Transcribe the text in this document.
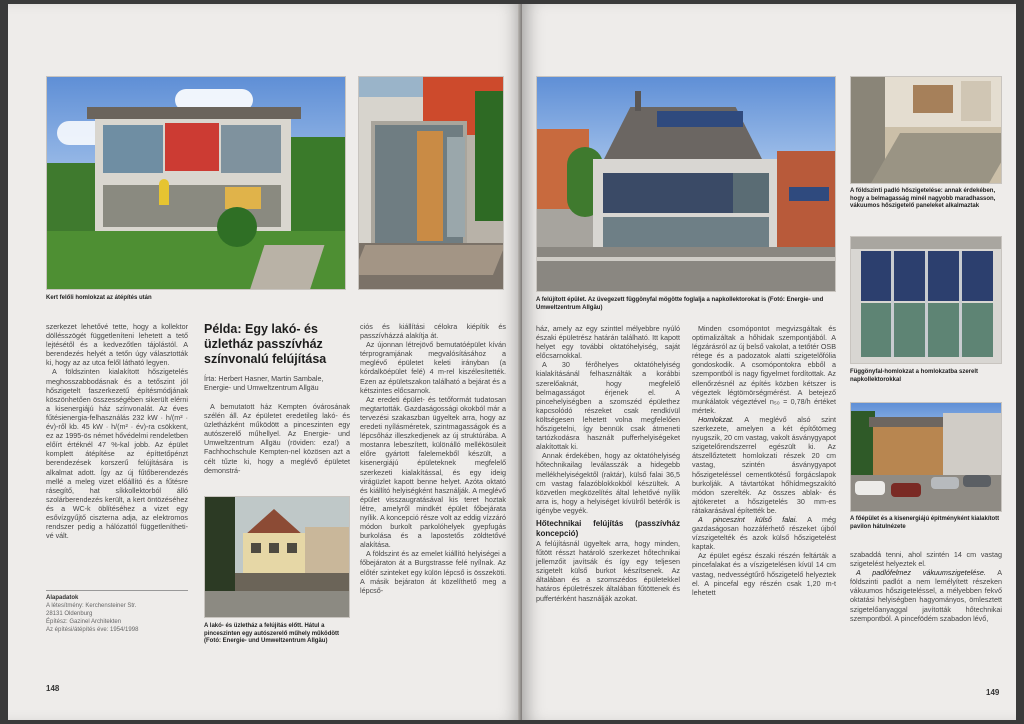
Kert felőli homlokzat az átépítés után

szerkezet lehetővé tette, hogy a kollektor döllésszögét függetleníteni lehetett a tető lejtésétől és a kedvezőtlen tájolástól. A berendezés helyét a tetőn úgy választották ki, hogy az az utca felől látható legyen.

A földszinten kialakított hőszigetelés meghosszabbodásnak és a tetőszint jól hőszigetelt faszerkezetű építésmódjának köszönhetően összességében sikerült elérni a kisenergiájú ház színvonalát. Az éves fűtésienergia-felhasználás 232 kW · h/(m² · év)-ről kb. 45 kW · h/(m² · év)-ra csökkent, ez az 1995-ös német hővédelmi rendeletben előírt értéknél 47 %-kal jobb. Az épület komplett átépítése az építtetőpénzt berendezések korszerű felújítására is alkalmat adott. Így az új fűtőberendezés mellé a meleg vizet előállító és a fűtésre rásegítő, hat síkkollektorból álló szolárberendezés került, a kert öntözéséhez és a WC-k öblítéséhez a vizet egy esővízgyűjtő ciszterna adja, az elektromos rendszer pedig a hálózattól függetlenítheti-vé vált.

Alapadatok
A létesítmény: Kerchensteiner Str.
28131 Oldenburg
Építész: Gazinel Architekten
Az építési/átépítés éve: 1954/1998
Példa: Egy lakó- és üzletház passzívház színvonalú felújítása
Írta: Herbert Hasner, Martin Sambale, Energie- und Umweltzentrum Allgäu

A bemutatott ház Kempten óvárosának szélén áll. Az épületet eredetileg lakó- és üzletházként működött a pinceszinten egy autószerelő műhellyel. Az Energie- und Umweltzentrum Allgäu (röviden: eza!) a Fachhochschule Kempten-nel közösen azt a célt tűzte ki, hogy a meglévő épületet demonstrá-

A lakó- és üzletház a felújítás előtt. Hátul a pinceszinten egy autószerelő műhely működött (Fotó: Energie- und Umweltzentrum Allgäu)

ciós és kiállítási célokra kiépítik és passzívházzá alakítja át.

Az újonnan létrejövő bemutatóépület kíván térprogramjának megvalósításához a meglévő épületet keleti irányban (a kórdalköépület felé) 4 m-rel kiszélesítették. Ezen az épületszakon található a bejárat és a kétszintes előcsarnok.

Az eredeti épület- és tetőformát tudatosan megtartották. Gazdaságossági okokból már a tervezési szakaszban ügyeltek arra, hogy az eredeti nyílásméretek, szintmagasságok és a lépcsőház illeszkedjenek az új struktúrába. A mostanra lebeszített, különálló mellékösüleit előre gyártott falelemekből készült, a kisenergiájú épületeknek megfelelő szerkezeti kialakítással, és egy ideig virágüzlet kapott benne helyet. Azóta oktató és kiállító helyiségként használják. A meglévő épület visszaugratásával kis teret hoztak létre, amelyről mindkét épület főbejárata nyílik. A koncepció része volt az eddig vízzáró módon burkolt parkolóhelyek gyepfugás burkolása és a lapostetős zöldtetővé alakítása.

A földszint és az emelet kiállító helyiségei a főbejáraton át a Burgstrasse felé nyílnak. Az előtér szinteket egy külön lépcső is összeköti. A másik bejáraton át közelíthető meg a lépcső-

148
A felújított épület. Az üvegezett függönyfal mögötte foglalja a napkollektorokat is (Fotó: Energie- und Umweltzentrum Allgäu)
A földszinti padló hőszigetelése: annak érdekében, hogy a belmagasság minél nagyobb maradhasson, vákuumos hőszigetelő paneleket alkalmaztak
Függönyfal-homlokzat a homlokzatba szerelt napkollektorokkal
A főépület és a kisenergiájú épitményként kialakított pavilon hátulnézete

ház, amely az egy szinttel mélyebbre nyúló északi épületrész határán található. Itt kapott helyet egy további oktatóhelyiség, saját előcsarnokkal.

A 30 férőhelyes oktatóhelyiség kialakításánál felhasználták a korábbi szerelőaknát, hogy megfelelő belmagasságot érjenek el. A pincehelyiségben a szomszéd épülethez kapcsolódó részeket csak rendkívül költségesen lehetett volna megfelelően hőszigetelni, így bennük csak átmeneti tartózkodásra használt pufferhelyiségeket alakítottak ki.

Annak érdekében, hogy az oktatóhelyiség hőtechnikailag leválasszák a hidegebb mellékhelyiségektől (raktár), külső falai 36,5 cm vastag falazóblokkokból készültek. A közvetlen megközelítés által lehetővé nyílik arra is, hogy a helyiséget kívülről betérők is igénybe vegyék.

Hőtechnikai felújítás (passzívház koncepció)

A felújításnál ügyeltek arra, hogy minden, fűtött résszt határoló szerkezet hőtechnikai jellemzőit javítsák és így egy teljesen szigetelt külső burkot készítsenek. Az általában és a szomszédos épületekkel határos épületrészek általában fűtöttenek és puffertérként használják azokat.

Minden csomópontot megvizsgáltak és optimalizáltak a hőhidak szempontjából. A légzárásról az új belső vakolat, a tetőtér OSB rétege és a padozatok alatti szigetelőfólia gondoskodik. A csomópontokra ebből a szempontból is nagy figyelmet fordítottak. Az ellenőrzésnél az építés közben kétszer is végeztek légtömörségmérést. A betejező munkálatok végeztével n₅₀ = 0,78/h értéket mértek.

Homlokzat. A meglévő alsó szint szerkezete, amelyen a két építőtömeg nyugszik, 20 cm vastag, vakolt ásványgyapot szigetelőrendszerrel egészült ki. Az átszellőztetett homlokzati részek 20 cm vastag, szintén ásványgyapot hőszigeteléssel cementkötésű forgácslapok burkolják. A távtartókat hőhídmegszakító módon szerelték. Az összes ablak- és ajtókeretet a hőszigetelés 30 mm-es rátakarásával építették be.

A pinceszint külső falai. A még gazdaságosan hozzáférhető részeket újból vízszigetelték és azok külső hőszigetelést kaptak.

Az épület egész északi részén feltárták a pincefalakat és a víszigetelésen kívül 14 cm vastag, nedvességtűrő hőszigetelő helyeztek el. A pincefal egy részén csak 1,20 m-t lehetett

szabaddá tenni, ahol szintén 14 cm vastag szigetelést helyeztek el.

A padlófelmez vákuumszigetelése. A földszinti padlót a nem lemélyített részeken vákuumos hőszigeteléssel, a mélyebben fekvő oktatási helyiségben hagyományos, ömlesztett szigetelőanyaggal javították hőtechnikai szempontból. A pincefödém szabadon lévő,

149
